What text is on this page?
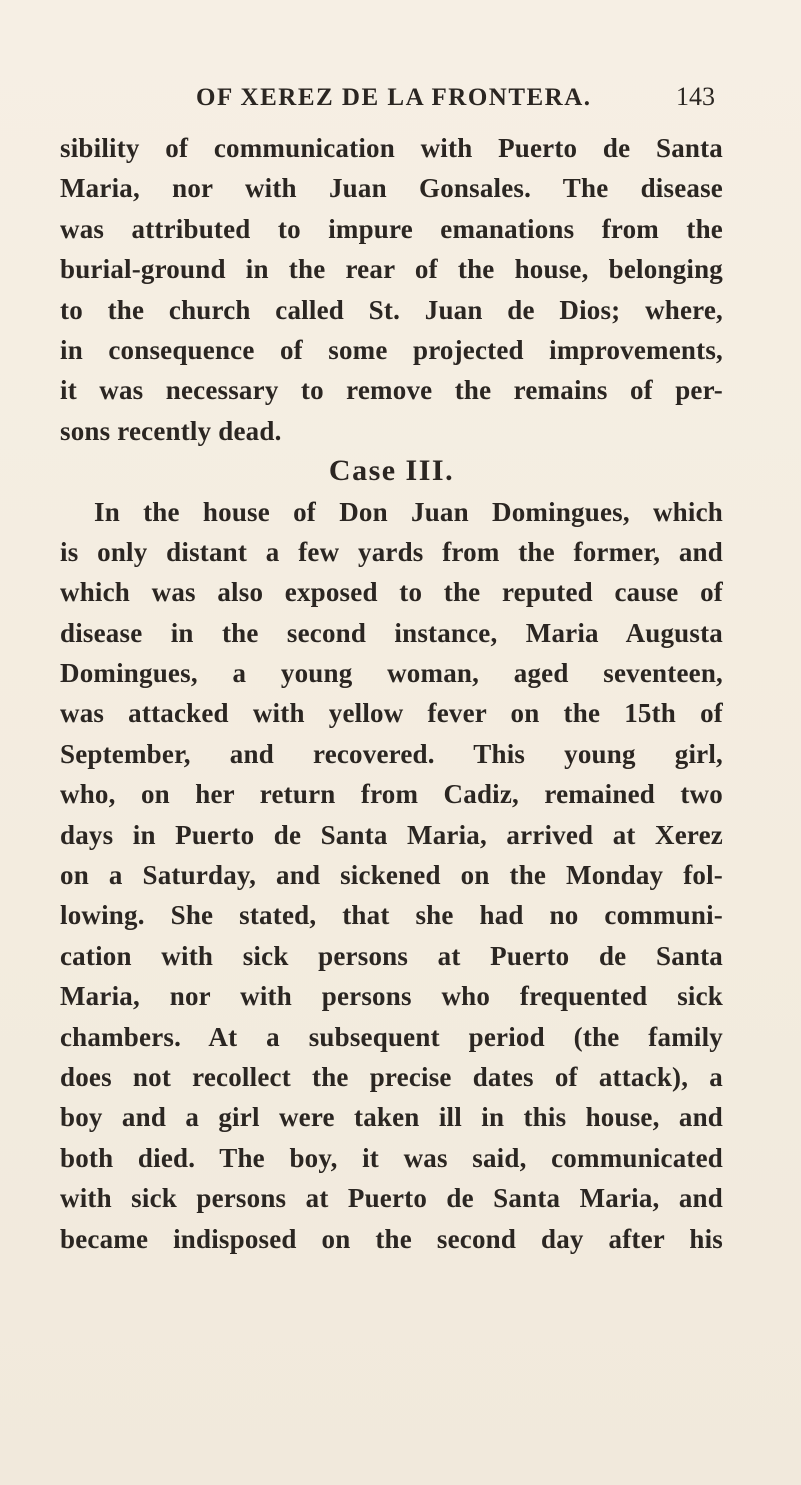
OF XEREZ DE LA FRONTERA.	143
sibility of communication with Puerto de Santa
Maria, nor with Juan Gonsales. The disease
was attributed to impure emanations from the
burial-ground in the rear of the house, belonging
to the church called St. Juan de Dios; where,
in consequence of some projected improvements,
it was necessary to remove the remains of per-
sons recently dead.
Case III.
In the house of Don Juan Domingues, which
is only distant a few yards from the former, and
which was also exposed to the reputed cause of
disease in the second instance, Maria Augusta
Domingues, a young woman, aged seventeen,
was attacked with yellow fever on the 15th of
September, and recovered. This young girl,
who, on her return from Cadiz, remained two
days in Puerto de Santa Maria, arrived at Xerez
on a Saturday, and sickened on the Monday fol-
lowing. She stated, that she had no communi-
cation with sick persons at Puerto de Santa
Maria, nor with persons who frequented sick
chambers. At a subsequent period (the family
does not recollect the precise dates of attack), a
boy and a girl were taken ill in this house, and
both died. The boy, it was said, communicated
with sick persons at Puerto de Santa Maria, and
became indisposed on the second day after his
